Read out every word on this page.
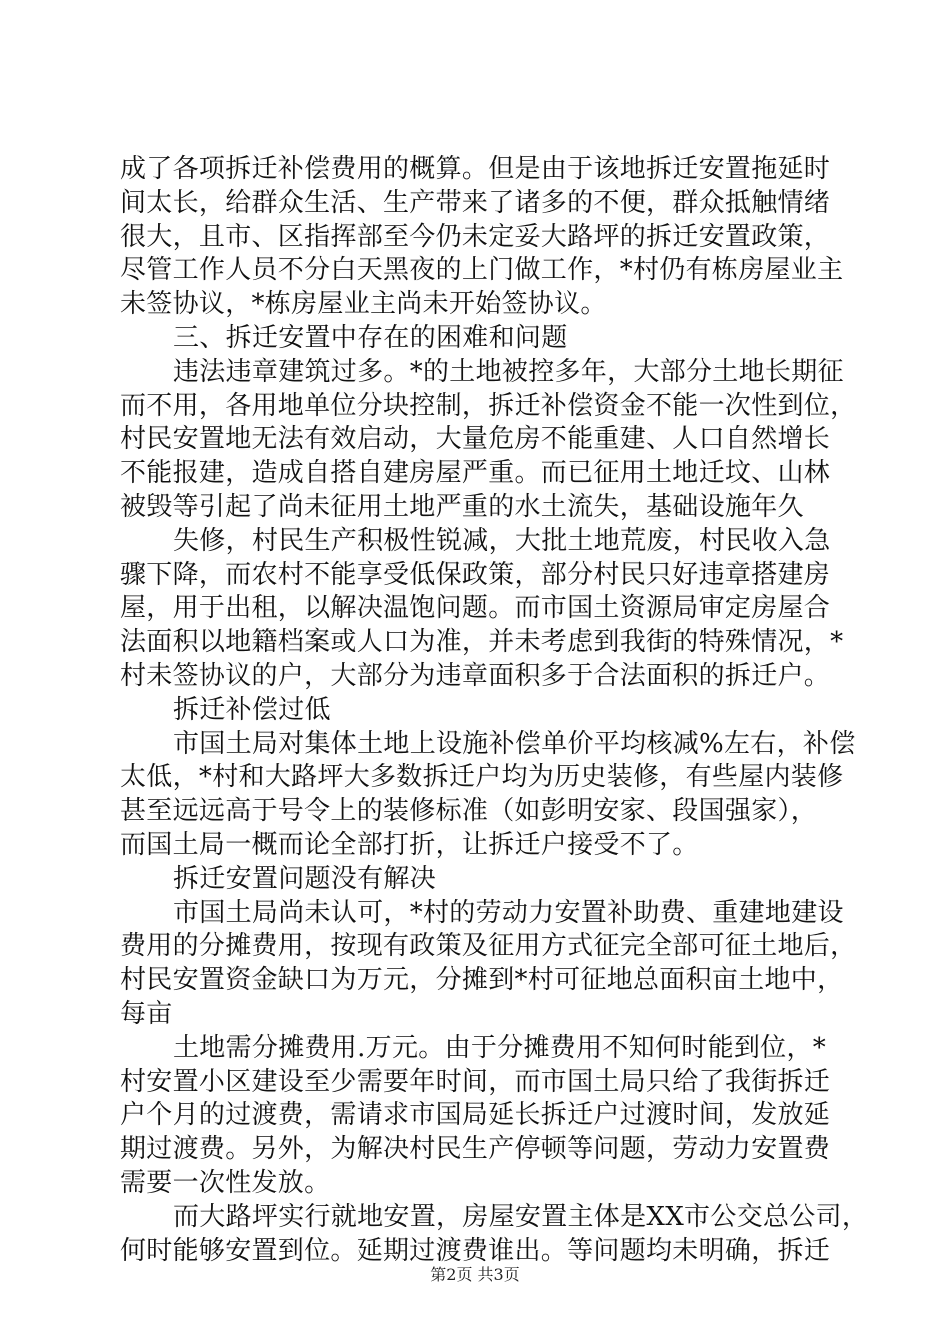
成了各项拆迁补偿费用的概算。但是由于该地拆迁安置拖延时
间太长，给群众生活、生产带来了诸多的不便，群众抵触情绪
很大，且市、区指挥部至今仍未定妥大路坪的拆迁安置政策，
尽管工作人员不分白天黑夜的上门做工作，*村仍有栋房屋业主
未签协议，*栋房屋业主尚未开始签协议。
三、拆迁安置中存在的困难和问题
违法违章建筑过多。*的土地被控多年，大部分土地长期征
而不用，各用地单位分块控制，拆迁补偿资金不能一次性到位，
村民安置地无法有效启动，大量危房不能重建、人口自然增长
不能报建，造成自搭自建房屋严重。而已征用土地迁坟、山林
被毁等引起了尚未征用土地严重的水土流失，基础设施年久
失修，村民生产积极性锐减，大批土地荒废，村民收入急
骤下降，而农村不能享受低保政策，部分村民只好违章搭建房
屋，用于出租，以解决温饱问题。而市国土资源局审定房屋合
法面积以地籍档案或人口为准，并未考虑到我街的特殊情况，*
村未签协议的户，大部分为违章面积多于合法面积的拆迁户。
拆迁补偿过低
市国土局对集体土地上设施补偿单价平均核减%左右，补偿
太低，*村和大路坪大多数拆迁户均为历史装修，有些屋内装修
甚至远远高于号令上的装修标准（如彭明安家、段国强家），
而国土局一概而论全部打折，让拆迁户接受不了。
拆迁安置问题没有解决
市国土局尚未认可，*村的劳动力安置补助费、重建地建设
费用的分摊费用，按现有政策及征用方式征完全部可征土地后，
村民安置资金缺口为万元，分摊到*村可征地总面积亩土地中，
每亩
土地需分摊费用.万元。由于分摊费用不知何时能到位，*
村安置小区建设至少需要年时间，而市国土局只给了我街拆迁
户个月的过渡费，需请求市国局延长拆迁户过渡时间，发放延
期过渡费。另外，为解决村民生产停顿等问题，劳动力安置费
需要一次性发放。
而大路坪实行就地安置，房屋安置主体是XX市公交总公司，
何时能够安置到位。延期过渡费谁出。等问题均未明确，拆迁
第2页 共3页
